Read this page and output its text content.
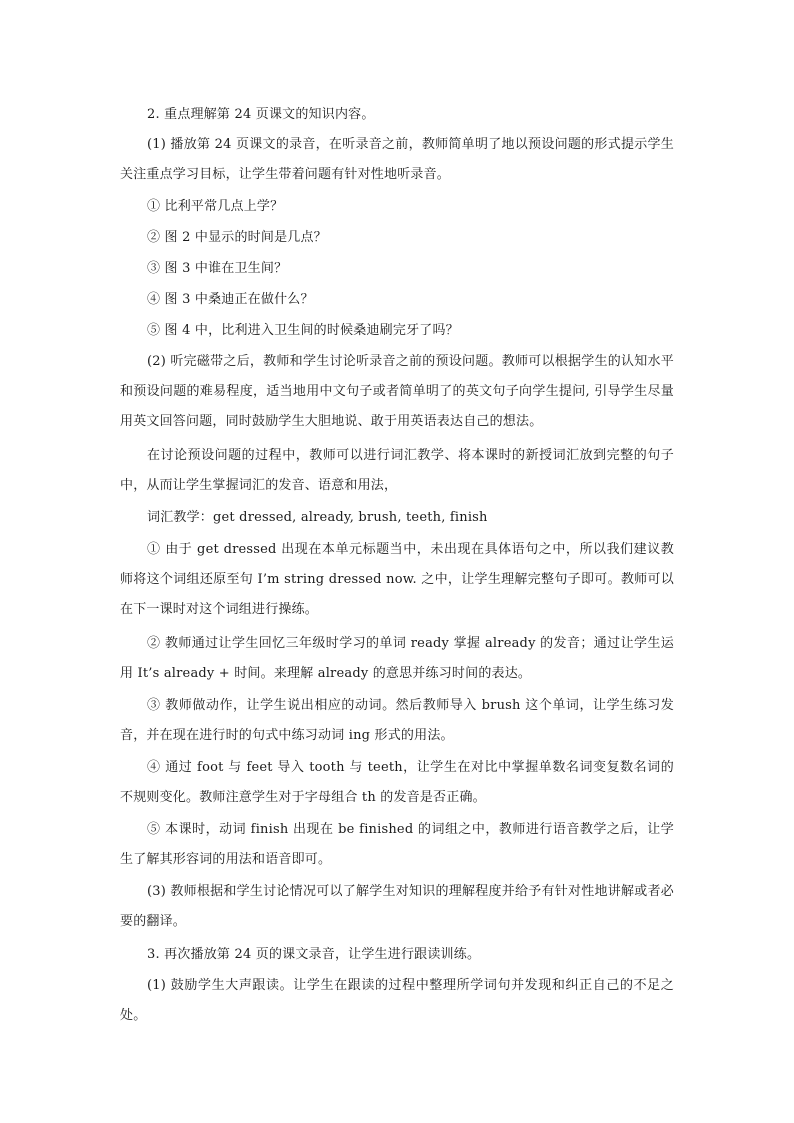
2. 重点理解第 24 页课文的知识内容。

(1) 播放第 24 页课文的录音，在听录音之前，教师简单明了地以预设问题的形式提示学生关注重点学习目标，让学生带着问题有针对性地听录音。

① 比利平常几点上学？

② 图 2 中显示的时间是几点？

③ 图 3 中谁在卫生间？

④ 图 3 中桑迪正在做什么？

⑤ 图 4 中，比利进入卫生间的时候桑迪刷完牙了吗？

(2) 听完磁带之后，教师和学生讨论听录音之前的预设问题。教师可以根据学生的认知水平和预设问题的难易程度，适当地用中文句子或者简单明了的英文句子向学生提问, 引导学生尽量用英文回答问题，同时鼓励学生大胆地说、敢于用英语表达自己的想法。

在讨论预设问题的过程中，教师可以进行词汇教学、将本课时的新授词汇放到完整的句子中，从而让学生掌握词汇的发音、语意和用法，

词汇教学：get dressed, already, brush, teeth, finish

① 由于 get dressed 出现在本单元标题当中，未出现在具体语句之中，所以我们建议教师将这个词组还原至句 I’m string dressed now. 之中，让学生理解完整句子即可。教师可以在下一课时对这个词组进行操练。

② 教师通过让学生回忆三年级时学习的单词 ready 掌握 already 的发音；通过让学生运用 It’s already + 时间。来理解 already 的意思并练习时间的表达。

③ 教师做动作，让学生说出相应的动词。然后教师导入 brush 这个单词，让学生练习发音，并在现在进行时的句式中练习动词 ing 形式的用法。

④ 通过 foot 与 feet 导入 tooth 与 teeth，让学生在对比中掌握单数名词变复数名词的不规则变化。教师注意学生对于字母组合 th 的发音是否正确。

⑤ 本课时，动词 finish 出现在 be finished 的词组之中，教师进行语音教学之后，让学生了解其形容词的用法和语音即可。

(3) 教师根据和学生讨论情况可以了解学生对知识的理解程度并给予有针对性地讲解或者必要的翻译。

3. 再次播放第 24 页的课文录音，让学生进行跟读训练。

(1) 鼓励学生大声跟读。让学生在跟读的过程中整理所学词句并发现和纠正自己的不足之处。
